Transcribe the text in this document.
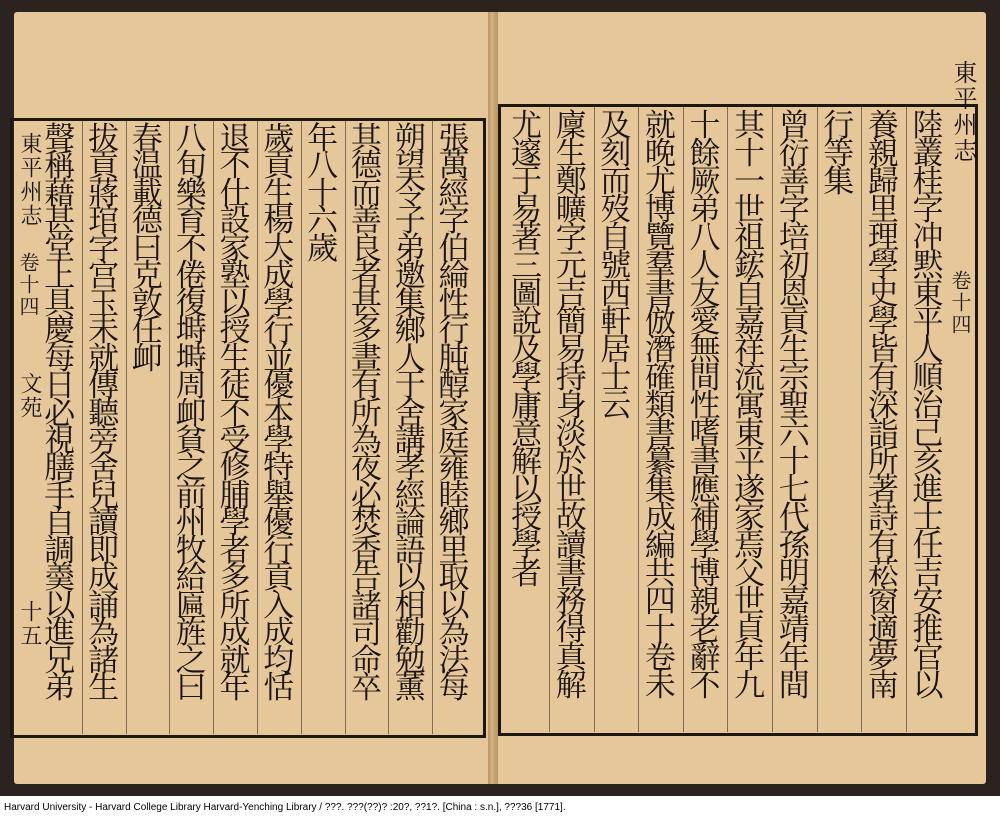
東平州志
卷十四
東平州志
卷十四
文苑
十五
陸
叢
桂
字
冲
黙
東
平
人
順
治
己
亥
進
士
任
吉
安
推
官
以
養
親
歸
里
理
學
史
學
皆
有
深
詣
所
著
詩
有
菘
窗
適
夢
南
行
等
集
曾
衍
善
字
培
初
恩
貢
生
宗
聖
六
十
七
代
孫
明
嘉
靖
年
間
其
十
一
世
祖
鋐
自
嘉
祥
流
寓
東
平
遂
家
焉
父
世
貞
年
九
十
餘
厥
弟
八
人
友
愛
無
間
性
嗜
書
應
補
學
博
親
老
辭
不
就
晚
尤
博
覽
羣
書
倣
潛
確
類
書
纂
集
成
編
共
四
十
卷
未
及
刻
而
歿
自
號
西
軒
居
士
云
廩
生
鄭
曠
字
元
吉
簡
易
持
身
淡
於
世
故
讀
書
務
得
真
解
尤
邃
于
易
著
三
圖
說
及
學
庸
意
解
以
授
學
者
張
萬
經
字
伯
綸
性
行
肫
醇
家
庭
雍
睦
鄉
里
取
以
為
法
每
朔
望
令
子
弟
邀
集
鄉
人
于
舍
講
孝
經
論
語
以
相
勸
勉
薰
其
德
而
善
良
者
甚
多
晝
有
所
為
夜
必
焚
香
告
諸
司
命
卒
年
八
十
六
歲
歲
貢
生
楊
大
成
學
行
並
優
本
學
特
舉
優
行
貢
入
成
均
恬
退
不
仕
設
家
塾
以
授
生
徒
不
受
修
脯
學
者
多
所
成
就
年
八
旬
樂
育
不
倦
復
塒
塒
周
卹
貧
之
前
州
牧
給
匾
旌
之
曰
春
温
載
德
曰
克
敦
任
卹
拔
貢
蔣
琯
字
宫
玉
未
就
傳
聽
旁
舍
兒
讀
即
成
誦
為
諸
生
聲
稱
藉
甚
堂
上
具
慶
每
日
必
視
膳
手
自
調
羮
以
進
兄
弟
Harvard University - Harvard College Library Harvard-Yenching Library / ???. ???(??)? :20?, ??1?. [China : s.n.], ???36 [1771].
